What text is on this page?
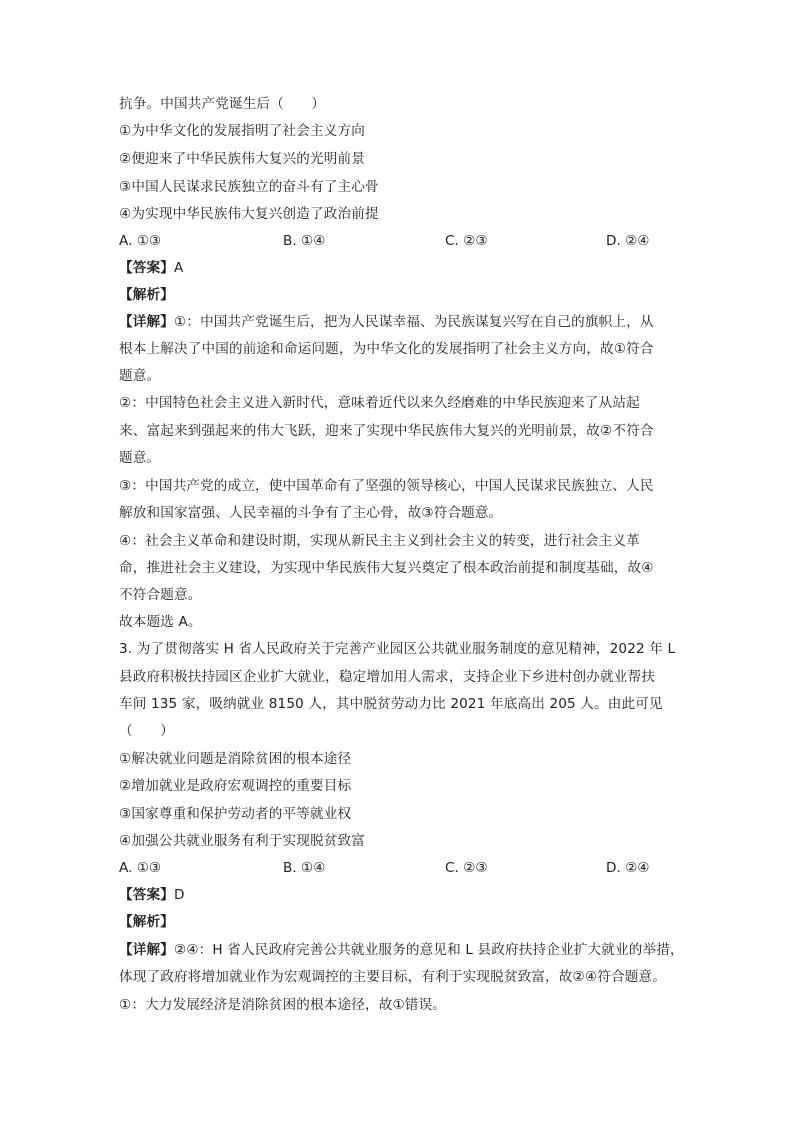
抗争。中国共产党诞生后（　　）
①为中华文化的发展指明了社会主义方向
②便迎来了中华民族伟大复兴的光明前景
③中国人民谋求民族独立的奋斗有了主心骨
④为实现中华民族伟大复兴创造了政治前提
A. ①③	B. ①④	C. ②③	D. ②④
【答案】A
【解析】
【详解】①：中国共产党诞生后，把为人民谋幸福、为民族谋复兴写在自己的旗帜上，从
根本上解决了中国的前途和命运问题，为中华文化的发展指明了社会主义方向，故①符合
题意。
②：中国特色社会主义进入新时代，意味着近代以来久经磨难的中华民族迎来了从站起
来、富起来到强起来的伟大飞跃，迎来了实现中华民族伟大复兴的光明前景，故②不符合
题意。
③：中国共产党的成立，使中国革命有了坚强的领导核心，中国人民谋求民族独立、人民
解放和国家富强、人民幸福的斗争有了主心骨，故③符合题意。
④：社会主义革命和建设时期，实现从新民主主义到社会主义的转变，进行社会主义革
命，推进社会主义建设，为实现中华民族伟大复兴奠定了根本政治前提和制度基础，故④
不符合题意。
故本题选 A。
3. 为了贯彻落实 H 省人民政府关于完善产业园区公共就业服务制度的意见精神，2022 年 L
县政府积极扶持园区企业扩大就业，稳定增加用人需求，支持企业下乡进村创办就业帮扶
车间 135 家，吸纳就业 8150 人，其中脱贫劳动力比 2021 年底高出 205 人。由此可见
（　　）
①解决就业问题是消除贫困的根本途径
②增加就业是政府宏观调控的重要目标
③国家尊重和保护劳动者的平等就业权
④加强公共就业服务有利于实现脱贫致富
A. ①③	B. ①④	C. ②③	D. ②④
【答案】D
【解析】
【详解】②④：H 省人民政府完善公共就业服务的意见和 L 县政府扶持企业扩大就业的举措，
体现了政府将增加就业作为宏观调控的主要目标，有利于实现脱贫致富，故②④符合题意。
①：大力发展经济是消除贫困的根本途径，故①错误。
